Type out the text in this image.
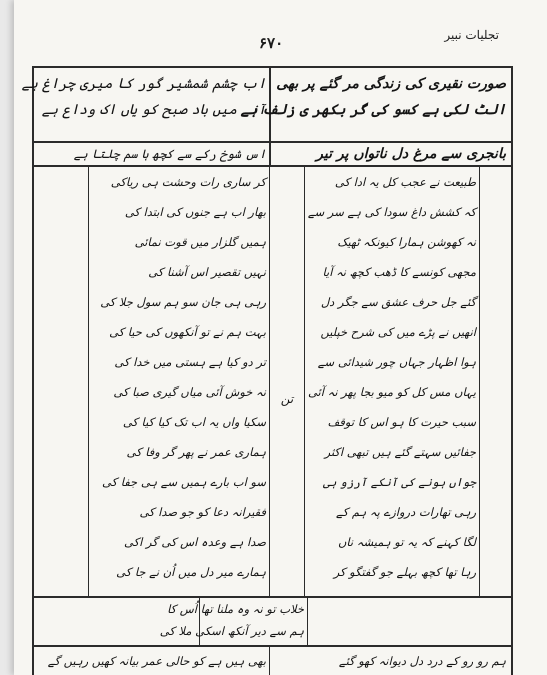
۶۷۰	تجلیات نبیر
صورت نقیری کی زندگی مر گئے پر بھی
الٹ لکی ہے کسو کی گر بکھر ی زلف ہے
اب چشم شمشیر گور کا میری چراغ ہے
آنے میں باد صبح کو یاں اک وداع ہے
بانجری سے مرغ دل ناتواں پر تیر
اس شوخ رکے سے کچھ ہا سم چلتا ہے
طبیعت نے عجب کل یہ ادا کی
کہ کشش داغ سودا کی ہے سر سے
نہ کھوشن ہمارا کیونکہ ٹھیک
مجھی کونسے کا ڈھب کچھ نہ آیا
گئے جل حرف عشق سے جگر دل
انھیں نے پڑے میں کی شرح خپلیں
ہوا اظہار جہاں چور شیدائی سے
یہاں مس کل کو میو بجا پھر نہ آئی
سبب حیرت کا ہو اس کا توقف
جفائیں سہتے گئے ہیں تبھی اکثر
جواں ہونے کی آنکے آرزو ہی
رہی تھارات دروازے پہ ہم کے
لگا کہنے کہ یہ تو ہمیشہ ناں
رہا تھا کچھ بہلے جو گفتگو کر
تن
کر ساری رات وحشت ہی ریاکی
بھار اب ہے جنوں کی ابتدا کی
ہمیں گلزار میں قوت نمائی
نہیں تقصیر اس آشنا کی
رہی ہی جان سو ہم سول جلا کی
بہت ہم نے تو آنکھوں کی حیا کی
تر دو کیا ہے ہستی میں خدا کی
نہ خوش آئی میاں گیری صبا کی
سکیا واں یہ اب تک کیا کیا کی
ہماری عمر نے پھر گر وفا کی
سو اب بارے ہمیں سے ہی جفا کی
فقیرانہ دعا کو جو صدا کی
صدا ہے وعدہ اس کی گر اکی
ہمارے میر دل میں اُن نے جا کی
خلاب تو نہ وہ ملنا تھا اُس کا
ہم سے دیر آنکھ اسکی ملا کی
ہم رو رو کے درد دل دیوانہ کھو گئے
بھی ہیں ہے کو حالی عمر بیانہ کھیں رہیں گے
